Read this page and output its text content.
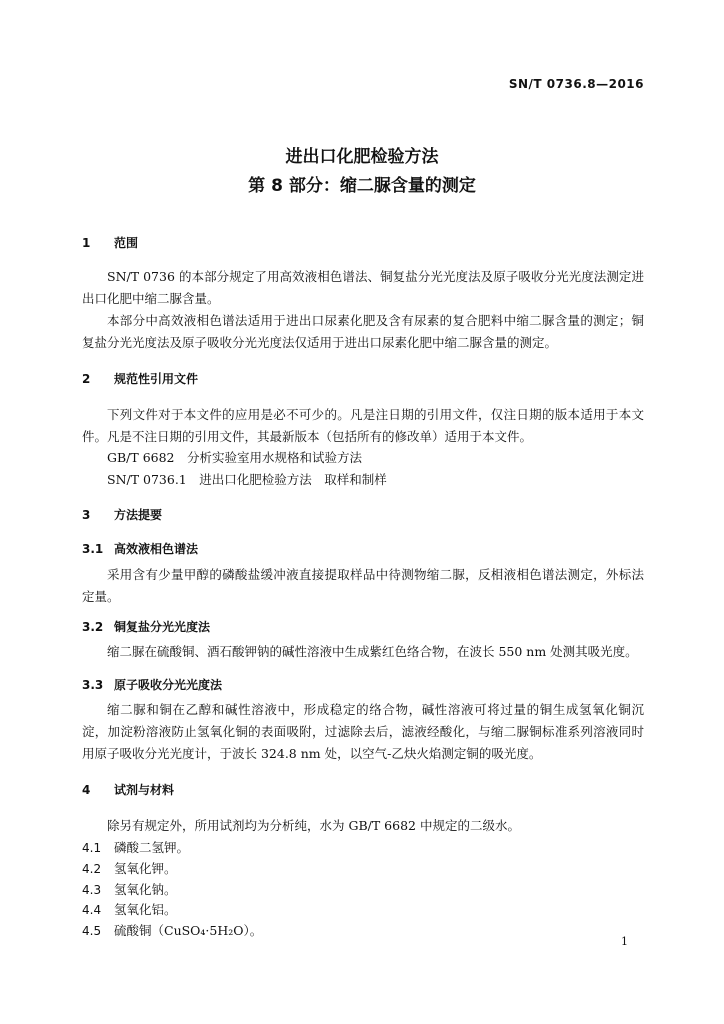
SN/T 0736.8—2016
进出口化肥检验方法
第 8 部分：缩二脲含量的测定
1 范围

SN/T 0736 的本部分规定了用高效液相色谱法、铜复盐分光光度法及原子吸收分光光度法测定进出口化肥中缩二脲含量。

本部分中高效液相色谱法适用于进出口尿素化肥及含有尿素的复合肥料中缩二脲含量的测定；铜复盐分光光度法及原子吸收分光光度法仅适用于进出口尿素化肥中缩二脲含量的测定。

2 规范性引用文件

下列文件对于本文件的应用是必不可少的。凡是注日期的引用文件，仅注日期的版本适用于本文件。凡是不注日期的引用文件，其最新版本（包括所有的修改单）适用于本文件。

GB/T 6682　分析实验室用水规格和试验方法
SN/T 0736.1　进出口化肥检验方法　取样和制样
3 方法提要
3.1 高效液相色谱法

采用含有少量甲醇的磷酸盐缓冲液直接提取样品中待测物缩二脲，反相液相色谱法测定，外标法定量。

3.2 铜复盐分光光度法

缩二脲在硫酸铜、酒石酸钾钠的碱性溶液中生成紫红色络合物，在波长 550 nm 处测其吸光度。

3.3 原子吸收分光光度法

缩二脲和铜在乙醇和碱性溶液中，形成稳定的络合物，碱性溶液可将过量的铜生成氢氧化铜沉淀，加淀粉溶液防止氢氧化铜的表面吸附，过滤除去后，滤液经酸化，与缩二脲铜标准系列溶液同时用原子吸收分光光度计，于波长 324.8 nm 处，以空气-乙炔火焰测定铜的吸光度。

4 试剂与材料

除另有规定外，所用试剂均为分析纯，水为 GB/T 6682 中规定的二级水。

4.1 磷酸二氢钾。
4.2 氢氧化钾。
4.3 氢氧化钠。
4.4 氢氧化铝。
4.5 硫酸铜（CuSO₄·5H₂O）。
1
